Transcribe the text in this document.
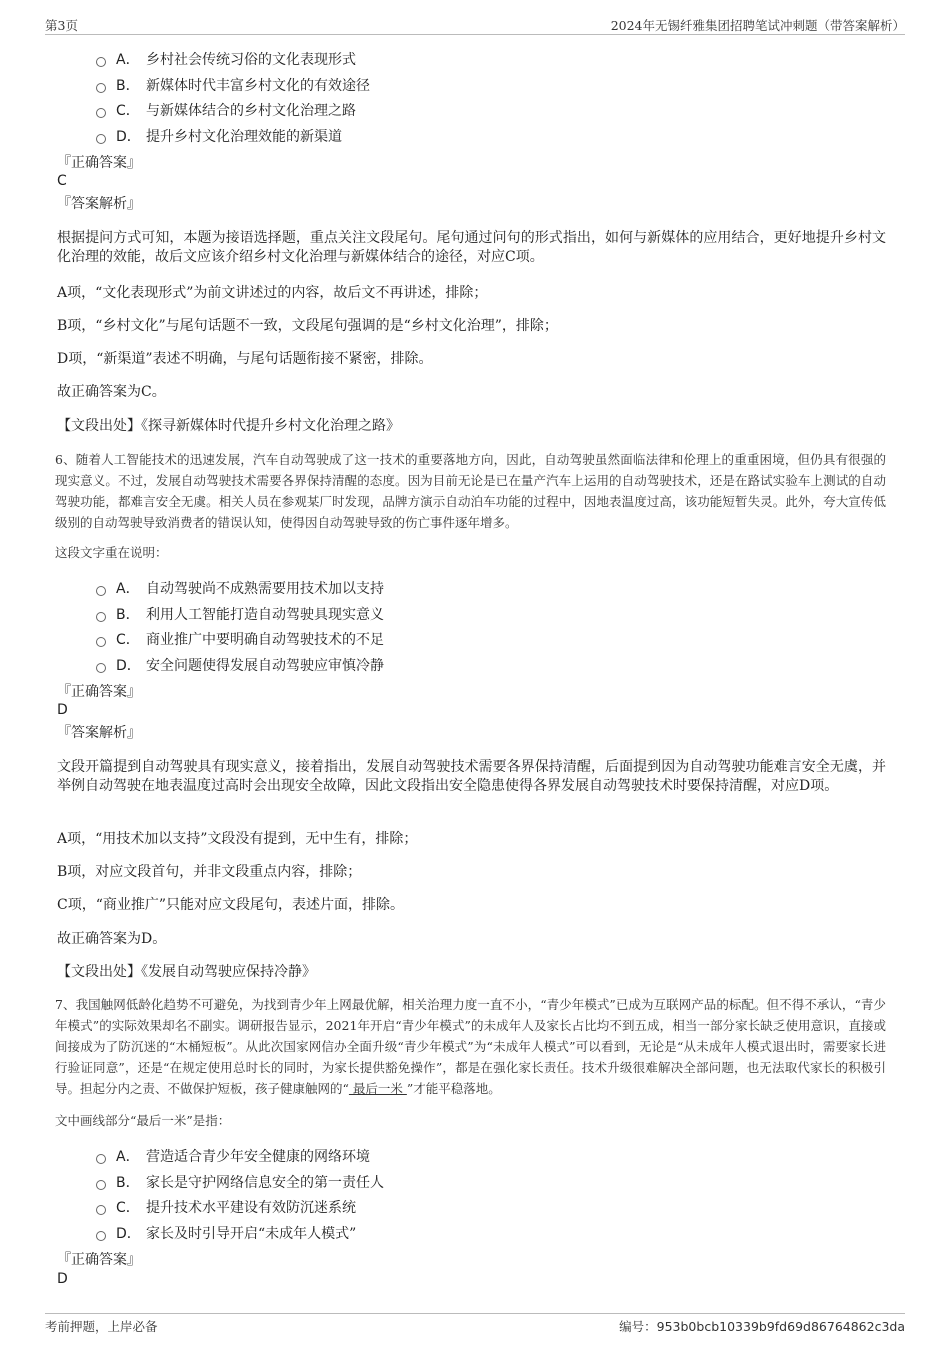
第3页	2024年无锡纤雅集团招聘笔试冲刺题（带答案解析）
A． 乡村社会传统习俗的文化表现形式
B． 新媒体时代丰富乡村文化的有效途径
C． 与新媒体结合的乡村文化治理之路
D． 提升乡村文化治理效能的新渠道
『正确答案』
C
『答案解析』
根据提问方式可知，本题为接语选择题，重点关注文段尾句。尾句通过问句的形式指出，如何与新媒体的应用结合，更好地提升乡村文化治理的效能，故后文应该介绍乡村文化治理与新媒体结合的途径，对应C项。
A项，“文化表现形式”为前文讲述过的内容，故后文不再讲述，排除；
B项，“乡村文化”与尾句话题不一致，文段尾句强调的是“乡村文化治理”，排除；
D项，“新渠道”表述不明确，与尾句话题衔接不紧密，排除。
故正确答案为C。
【文段出处】《探寻新媒体时代提升乡村文化治理之路》
6、随着人工智能技术的迅速发展，汽车自动驾驶成了这一技术的重要落地方向，因此，自动驾驶虽然面临法律和伦理上的重重困境，但仍具有很强的现实意义。不过，发展自动驾驶技术需要各界保持清醒的态度。因为目前无论是已在量产汽车上运用的自动驾驶技术，还是在路试实验车上测试的自动驾驶功能，都难言安全无虞。相关人员在参观某厂时发现，品牌方演示自动泊车功能的过程中，因地表温度过高，该功能短暂失灵。此外，夸大宣传低级别的自动驾驶导致消费者的错误认知，使得因自动驾驶导致的伤亡事件逐年增多。
这段文字重在说明：
A． 自动驾驶尚不成熟需要用技术加以支持
B． 利用人工智能打造自动驾驶具现实意义
C． 商业推广中要明确自动驾驶技术的不足
D． 安全问题使得发展自动驾驶应审慎冷静
『正确答案』
D
『答案解析』
文段开篇提到自动驾驶具有现实意义，接着指出，发展自动驾驶技术需要各界保持清醒，后面提到因为自动驾驶功能难言安全无虞，并举例自动驾驶在地表温度过高时会出现安全故障，因此文段指出安全隐患使得各界发展自动驾驶技术时要保持清醒，对应D项。
A项，“用技术加以支持”文段没有提到，无中生有，排除；
B项，对应文段首句，并非文段重点内容，排除；
C项，“商业推广”只能对应文段尾句，表述片面，排除。
故正确答案为D。
【文段出处】《发展自动驾驶应保持冷静》
7、我国触网低龄化趋势不可避免，为找到青少年上网最优解，相关治理力度一直不小，“青少年模式”已成为互联网产品的标配。但不得不承认，“青少年模式”的实际效果却名不副实。调研报告显示，2021年开启“青少年模式”的未成年人及家长占比均不到五成，相当一部分家长缺乏使用意识，直接或间接成为了防沉迷的“木桶短板”。从此次国家网信办全面升级“青少年模式”为“未成年人模式”可以看到，无论是“从未成年人模式退出时，需要家长进行验证同意”，还是“在规定使用总时长的同时，为家长提供豁免操作”，都是在强化家长责任。技术升级很难解决全部问题，也无法取代家长的积极引导。担起分内之责、不做保护短板，孩子健康触网的“ 最后一米 ”才能平稳落地。
文中画线部分“最后一米”是指：
A． 营造适合青少年安全健康的网络环境
B． 家长是守护网络信息安全的第一责任人
C． 提升技术水平建设有效防沉迷系统
D． 家长及时引导开启“未成年人模式”
『正确答案』
D
考前押题，上岸必备	编号：953b0bcb10339b9fd69d86764862c3da
